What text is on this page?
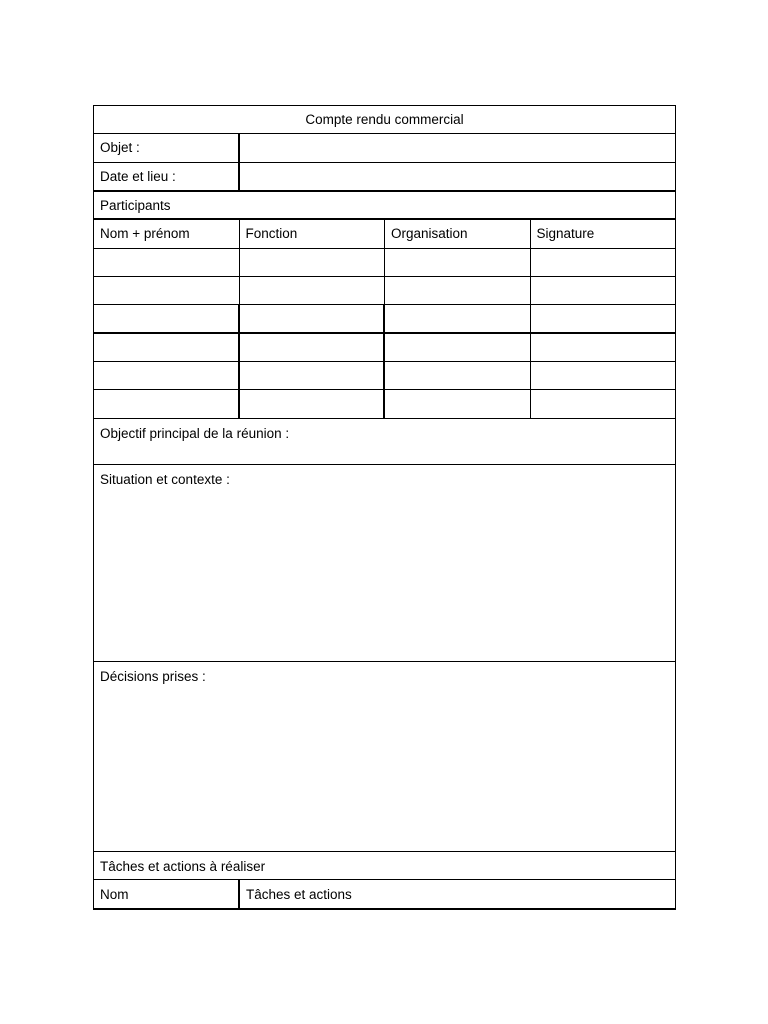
Compte rendu commercial
Objet :
Date et lieu :
Participants
Nom + prénom	Fonction	Organisation	Signature
Objectif principal de la réunion :
Situation et contexte :
Décisions prises :
Tâches et actions à réaliser
Nom	Tâches et actions
